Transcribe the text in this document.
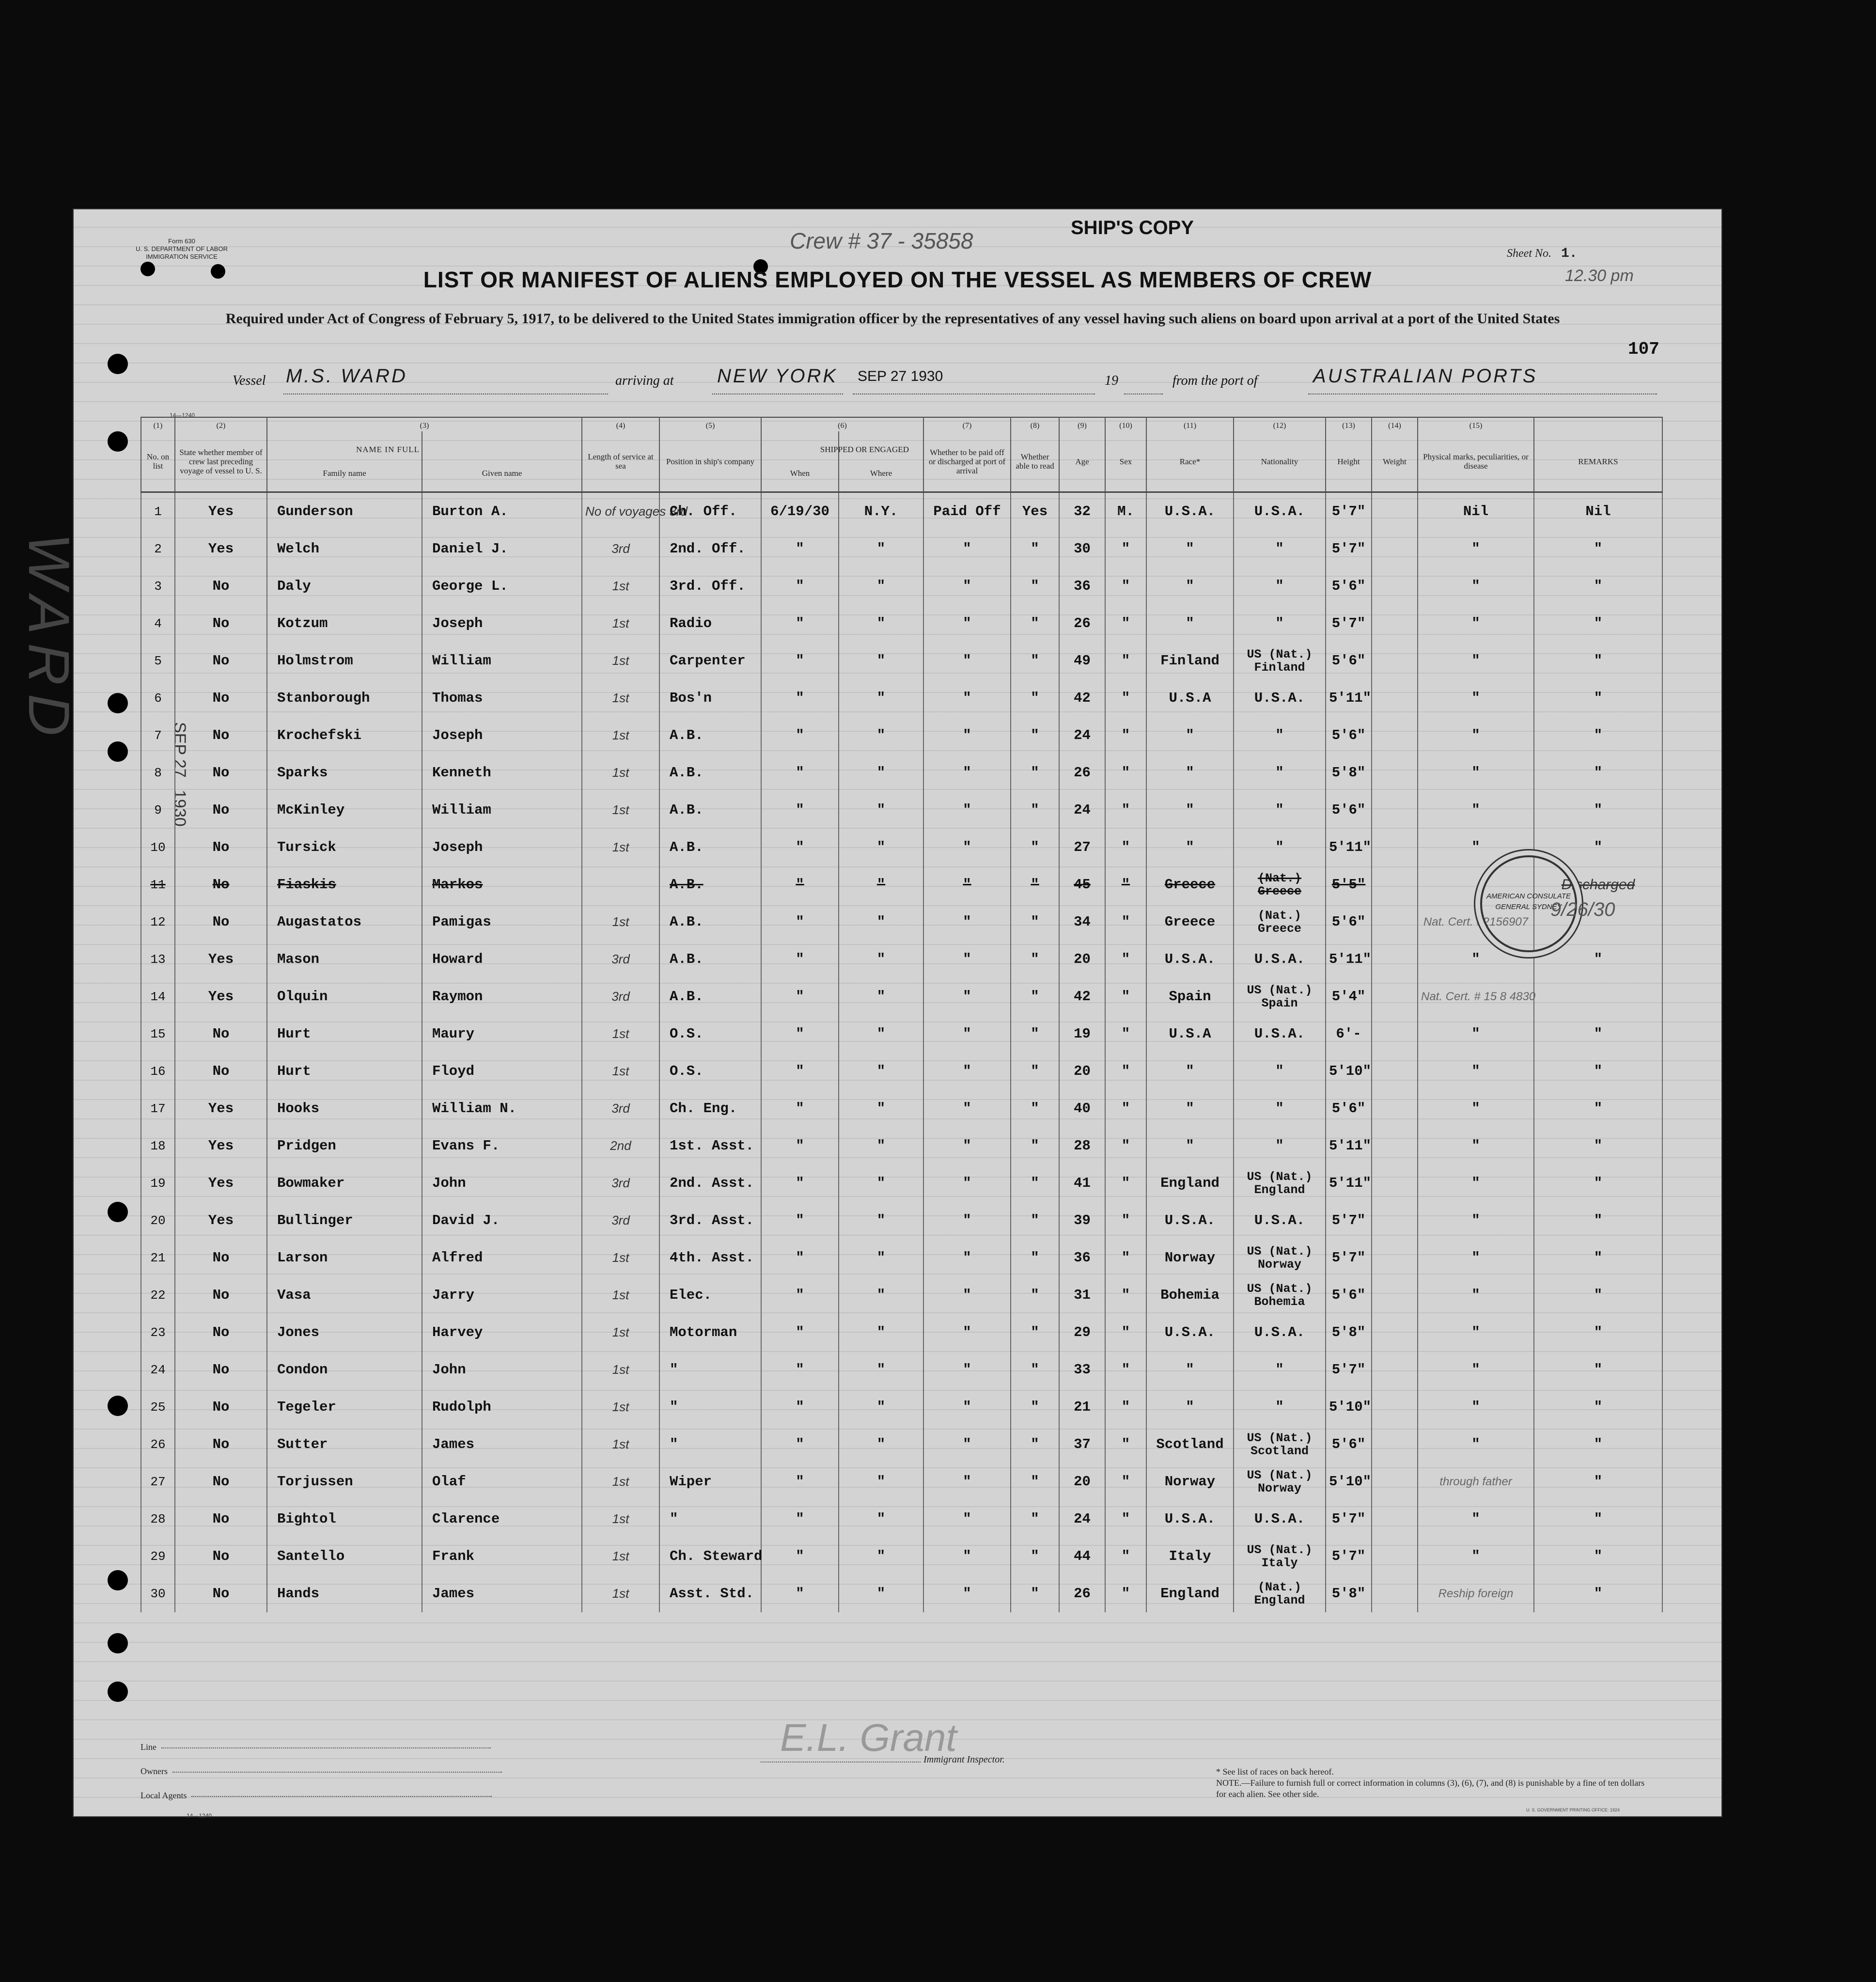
Form 630
U. S. DEPARTMENT OF LABOR
IMMIGRATION SERVICE
Crew # 37 - 35858
SHIP'S COPY
Sheet No. 1.
12.30 pm
107
LIST OR MANIFEST OF ALIENS EMPLOYED ON THE VESSEL AS MEMBERS OF CREW
Required under Act of Congress of February 5, 1917, to be delivered to the United States immigration officer by the representatives of any vessel having such aliens on board upon arrival at a port of the United States
Vessel M.S. WARD	arriving at NEW YORK SEP 27 1930	19	from the port of	AUSTRALIAN PORTS
14—1240
WARD
SEP 27
1930
(1)	(2)	(3)		(4)	(5)	(6)		(7)	(8)	(9)	(10)	(11)	(12)	(13)	(14)	(15)	
No. on list	State whether member of crew last preceding voyage of vessel to U. S.	NAME IN FULL
Family name	Given name	Length of service at sea	Position in ship's company	SHIPPED OR ENGAGED
When	Where	Whether to be paid off or discharged at port of arrival	Whether able to read	Age	Sex	Race*	Nationality	Height	Weight	Physical marks, peculiarities, or disease	REMARKS
1	Yes	Gunderson	Burton A.	No of voyages 3rd	Ch. Off.	6/19/30	N.Y.	Paid Off	Yes	32	M.	U.S.A.	U.S.A.	5'7"		Nil	Nil
2	Yes	Welch	Daniel J.	3rd	2nd. Off.	"	"	"	"	30	"	"	"	5'7"		"	"
3	No	Daly	George L.	1st	3rd. Off.	"	"	"	"	36	"	"	"	5'6"		"	"
4	No	Kotzum	Joseph	1st	Radio	"	"	"	"	26	"	"	"	5'7"		"	"
5	No	Holmstrom	William	1st	Carpenter	"	"	"	"	49	"	Finland	US (Nat.) Finland	5'6"		"	"
6	No	Stanborough	Thomas	1st	Bos'n	"	"	"	"	42	"	U.S.A	U.S.A.	5'11"		"	"
7	No	Krochefski	Joseph	1st	A.B.	"	"	"	"	24	"	"	"	5'6"		"	"
8	No	Sparks	Kenneth	1st	A.B.	"	"	"	"	26	"	"	"	5'8"		"	"
9	No	McKinley	William	1st	A.B.	"	"	"	"	24	"	"	"	5'6"		"	"
10	No	Tursick	Joseph	1st	A.B.	"	"	"	"	27	"	"	"	5'11"		"	"
11	No	Fiaskis	Markos		A.B.	"	"	"	"	45	"	Greece	(Nat.) Greece	5'5"			Discharged
12	No	Augastatos	Pamigas	1st	A.B.	"	"	"	"	34	"	Greece	(Nat.) Greece	5'6"		Nat. Cert. #2156907	
13	Yes	Mason	Howard	3rd	A.B.	"	"	"	"	20	"	U.S.A.	U.S.A.	5'11"		"	"
14	Yes	Olquin	Raymon	3rd	A.B.	"	"	"	"	42	"	Spain	US (Nat.) Spain	5'4"		Nat. Cert. # 15 8 4830	
15	No	Hurt	Maury	1st	O.S.	"	"	"	"	19	"	U.S.A	U.S.A.	6'-		"	"
16	No	Hurt	Floyd	1st	O.S.	"	"	"	"	20	"	"	"	5'10"		"	"
17	Yes	Hooks	William N.	3rd	Ch. Eng.	"	"	"	"	40	"	"	"	5'6"		"	"
18	Yes	Pridgen	Evans F.	2nd	1st. Asst.	"	"	"	"	28	"	"	"	5'11"		"	"
19	Yes	Bowmaker	John	3rd	2nd. Asst.	"	"	"	"	41	"	England	US (Nat.) England	5'11"		"	"
20	Yes	Bullinger	David J.	3rd	3rd. Asst.	"	"	"	"	39	"	U.S.A.	U.S.A.	5'7"		"	"
21	No	Larson	Alfred	1st	4th. Asst.	"	"	"	"	36	"	Norway	US (Nat.) Norway	5'7"		"	"
22	No	Vasa	Jarry	1st	Elec.	"	"	"	"	31	"	Bohemia	US (Nat.) Bohemia	5'6"		"	"
23	No	Jones	Harvey	1st	Motorman	"	"	"	"	29	"	U.S.A.	U.S.A.	5'8"		"	"
24	No	Condon	John	1st	"	"	"	"	"	33	"	"	"	5'7"		"	"
25	No	Tegeler	Rudolph	1st	"	"	"	"	"	21	"	"	"	5'10"		"	"
26	No	Sutter	James	1st	"	"	"	"	"	37	"	Scotland	US (Nat.) Scotland	5'6"		"	"
27	No	Torjussen	Olaf	1st	Wiper	"	"	"	"	20	"	Norway	US (Nat.) Norway	5'10"		through father	"
28	No	Bightol	Clarence	1st	"	"	"	"	"	24	"	U.S.A.	U.S.A.	5'7"		"	"
29	No	Santello	Frank	1st	Ch. Steward	"	"	"	"	44	"	Italy	US (Nat.) Italy	5'7"		"	"
30	No	Hands	James	1st	Asst. Std.	"	"	"	"	26	"	England	(Nat.) England	5'8"		Reship foreign	"
AMERICAN CONSULATE GENERAL SYDNEY
9/26/30
Line
Owners
Local Agents
14—1240
E.L. Grant
Immigrant Inspector.
* See list of races on back hereof.
NOTE.—Failure to furnish full or correct information in columns (3), (6), (7), and (8) is punishable by a fine of ten dollars for each alien. See other side.
U. S. GOVERNMENT PRINTING OFFICE: 1924
